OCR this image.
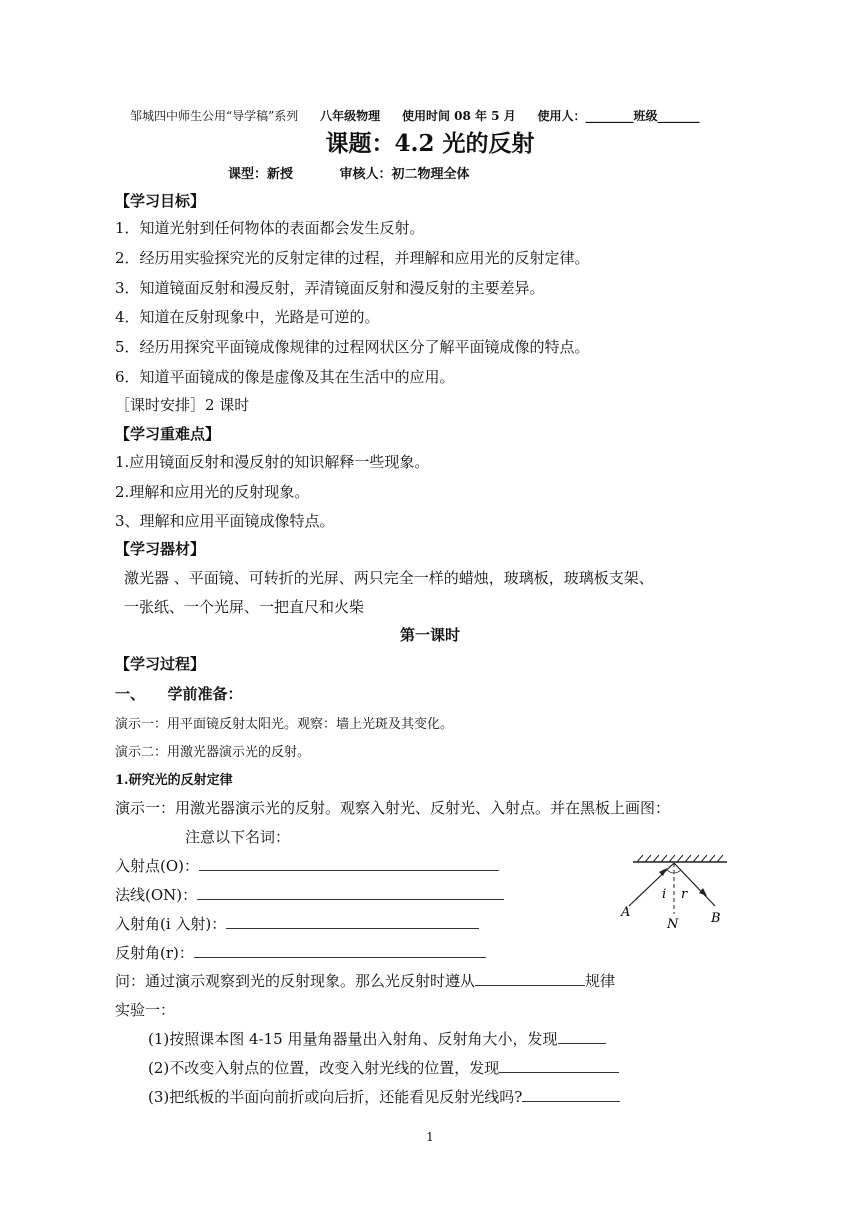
邹城四中师生公用“导学稿”系列 八年级物理 使用时间 08 年 5 月 使用人：________班级_______
课题：4.2 光的反射
课型：新授	审核人：初二物理全体
【学习目标】
1．知道光射到任何物体的表面都会发生反射。
2．经历用实验探究光的反射定律的过程，并理解和应用光的反射定律。
3．知道镜面反射和漫反射，弄清镜面反射和漫反射的主要差异。
4．知道在反射现象中，光路是可逆的。
5．经历用探究平面镜成像规律的过程网状区分了解平面镜成像的特点。
6．知道平面镜成的像是虚像及其在生活中的应用。
［课时安排］2 课时
【学习重难点】
1.应用镜面反射和漫反射的知识解释一些现象。
2.理解和应用光的反射现象。
3、理解和应用平面镜成像特点。
【学习器材】
激光器 、平面镜、可转折的光屏、两只完全一样的蜡烛，玻璃板，玻璃板支架、
一张纸、一个光屏、一把直尺和火柴
第一课时
【学习过程】
一、　　学前准备：
演示一：用平面镜反射太阳光。观察：墙上光斑及其变化。
演示二：用激光器演示光的反射。
1.研究光的反射定律
演示一：用激光器演示光的反射。观察入射光、反射光、入射点。并在黑板上画图：
注意以下名词：
入射点(O)：
法线(ON)：
入射角(i 入射)：
反射角(r)：
问：通过演示观察到光的反射现象。那么光反射时遵从	规律
实验一：
(1)按照课本图 4-15 用量角器量出入射角、反射角大小，发现
(2)不改变入射点的位置，改变入射光线的位置，发现
(3)把纸板的半面向前折或向后折，还能看见反射光线吗?
i r
A	B
N
1
